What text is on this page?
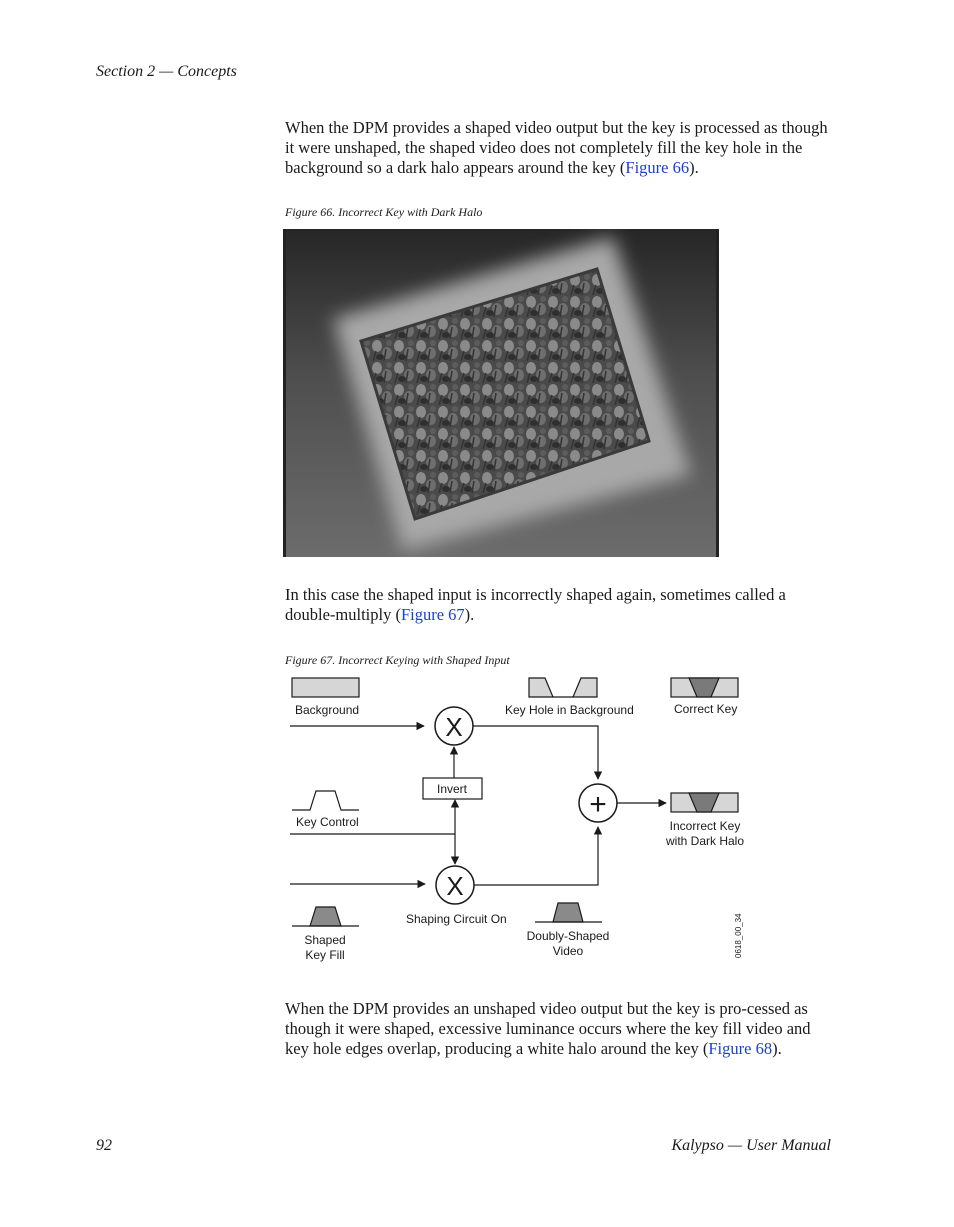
Section 2 — Concepts
When the DPM provides a shaped video output but the key is processed as though it were unshaped, the shaped video does not completely fill the key hole in the background so a dark halo appears around the key (Figure 66).
Figure 66. Incorrect Key with Dark Halo
In this case the shaped input is incorrectly shaped again, sometimes called a double-multiply (Figure 67).
Figure 67. Incorrect Keying with Shaped Input
Background	Key Hole in Background	Correct Key
X
+
Incorrect Key
with Dark Halo
Invert
Key Control
X
Shaping Circuit On
Shaped
Key Fill
Doubly-Shaped
Video	0618_00_34
When the DPM provides an unshaped video output but the key is pro-cessed as though it were shaped, excessive luminance occurs where the key fill video and key hole edges overlap, producing a white halo around the key (Figure 68).
92	Kalypso — User Manual
